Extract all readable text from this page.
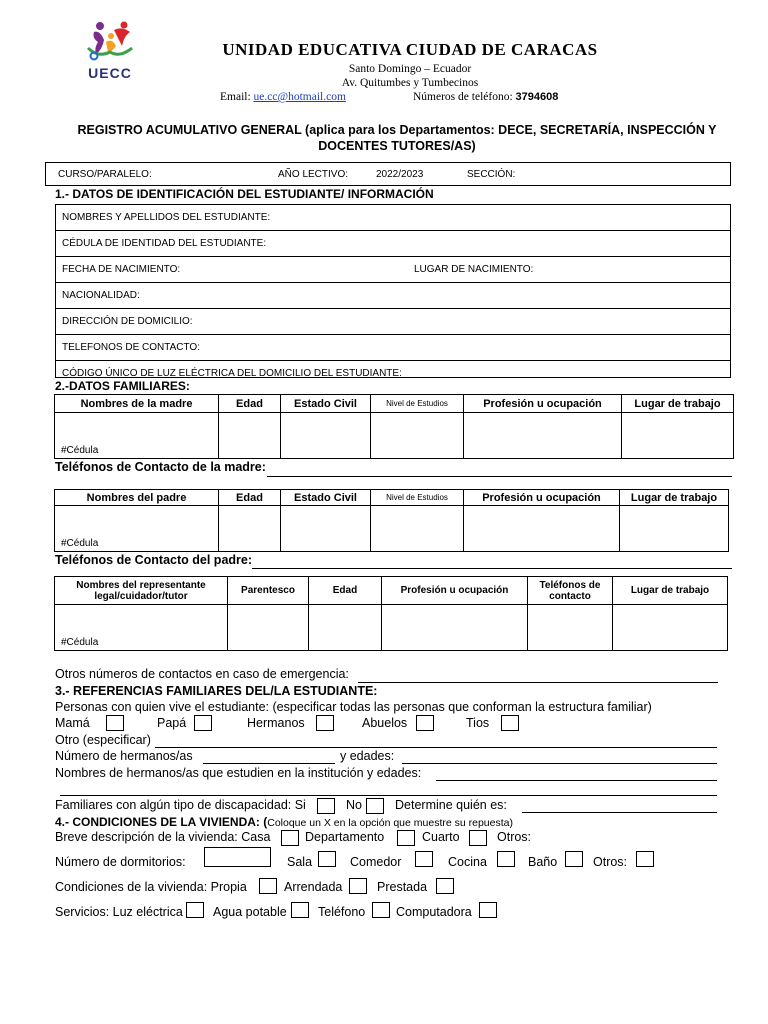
UECC
UNIDAD EDUCATIVA CIUDAD DE CARACAS
Santo Domingo – Ecuador
Av. Quitumbes y Tumbecinos
Email: ue.cc@hotmail.com	Números de teléfono: 3794608
REGISTRO ACUMULATIVO GENERAL (aplica para los Departamentos: DECE, SECRETARÍA, INSPECCIÓN Y DOCENTES TUTORES/AS)
CURSO/PARALELO:	AÑO LECTIVO:	2022/2023	SECCIÓN:
1.- DATOS DE IDENTIFICACIÓN DEL ESTUDIANTE/ INFORMACIÓN
NOMBRES Y APELLIDOS DEL ESTUDIANTE:
CÉDULA DE IDENTIDAD DEL ESTUDIANTE:
FECHA DE NACIMIENTO:	LUGAR DE NACIMIENTO:
NACIONALIDAD:
DIRECCIÓN DE DOMICILIO:
TELEFONOS DE CONTACTO:
CÓDIGO ÚNICO DE LUZ ELÉCTRICA DEL DOMICILIO DEL ESTUDIANTE:
2.-DATOS FAMILIARES:
Nombres de la madre	Edad	Estado Civil	Nivel de Estudios	Profesión u ocupación	Lugar de trabajo
#Cédula					
Teléfonos de Contacto de la madre:
Nombres del padre	Edad	Estado Civil	Nivel de Estudios	Profesión u ocupación	Lugar de trabajo
#Cédula					
Teléfonos de Contacto del padre:
Nombres del representante legal/cuidador/tutor	Parentesco	Edad	Profesión u ocupación	Teléfonos de contacto	Lugar de trabajo
#Cédula					
Otros números de contactos en caso de emergencia:
3.- REFERENCIAS FAMILIARES DEL/LA ESTUDIANTE:
Personas con quien vive el estudiante: (especificar todas las personas que conforman la estructura familiar)
Mamá	Papá	Hermanos	Abuelos	Tios
Otro (especificar)
Número de hermanos/as	y edades:
Nombres de hermanos/as que estudien en la institución y edades:
Familiares con algún tipo de discapacidad: Si	No	Determine quién es:
4.- CONDICIONES DE LA VIVIENDA: (Coloque un X en la opción que muestre su repuesta)
Breve descripción de la vivienda: Casa	Departamento	Cuarto	Otros:
Número de dormitorios:	Sala	Comedor	Cocina	Baño	Otros:
Condiciones de la vivienda: Propia	Arrendada	Prestada
Servicios: Luz eléctrica Agua potable	Teléfono Computadora
